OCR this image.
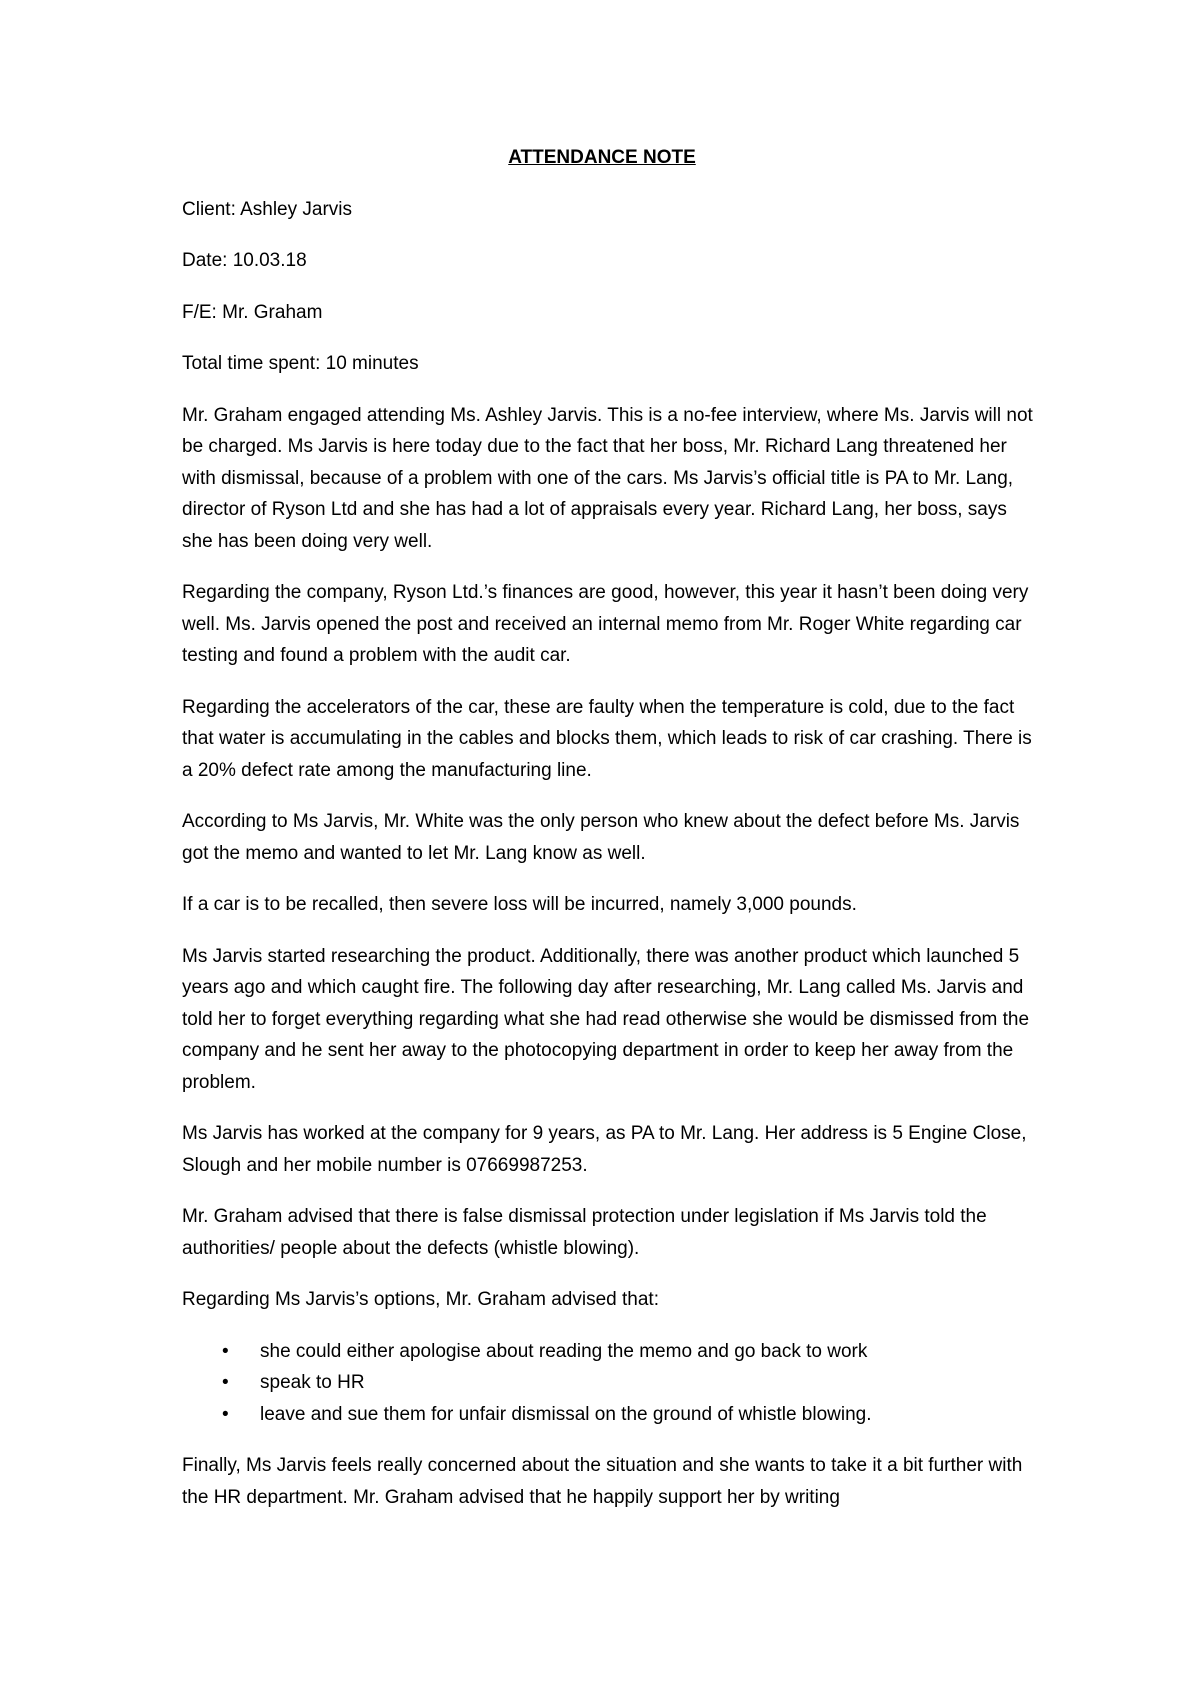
ATTENDANCE NOTE

Client: Ashley Jarvis

Date: 10.03.18

F/E: Mr. Graham

Total time spent: 10 minutes

Mr. Graham engaged attending Ms. Ashley Jarvis. This is a no-fee interview, where Ms. Jarvis will not be charged. Ms Jarvis is here today due to the fact that her boss, Mr. Richard Lang threatened her with dismissal, because of a problem with one of the cars. Ms Jarvis’s official title is PA to Mr. Lang, director of Ryson Ltd and she has had a lot of appraisals every year. Richard Lang, her boss, says she has been doing very well.

Regarding the company, Ryson Ltd.’s finances are good, however, this year it hasn’t been doing very well. Ms. Jarvis opened the post and received an internal memo from Mr. Roger White regarding car testing and found a problem with the audit car.

Regarding the accelerators of the car, these are faulty when the temperature is cold, due to the fact that water is accumulating in the cables and blocks them, which leads to risk of car crashing. There is a 20% defect rate among the manufacturing line.

According to Ms Jarvis, Mr. White was the only person who knew about the defect before Ms. Jarvis got the memo and wanted to let Mr. Lang know as well.

If a car is to be recalled, then severe loss will be incurred, namely 3,000 pounds.

Ms Jarvis started researching the product. Additionally, there was another product which launched 5 years ago and which caught fire. The following day after researching, Mr. Lang called Ms. Jarvis and told her to forget everything regarding what she had read otherwise she would be dismissed from the company and he sent her away to the photocopying department in order to keep her away from the problem.

Ms Jarvis has worked at the company for 9 years, as PA to Mr. Lang. Her address is 5 Engine Close, Slough and her mobile number is 07669987253.

Mr. Graham advised that there is false dismissal protection under legislation if Ms Jarvis told the authorities/ people about the defects (whistle blowing).

Regarding Ms Jarvis’s options, Mr. Graham advised that:

• she could either apologise about reading the memo and go back to work
• speak to HR
• leave and sue them for unfair dismissal on the ground of whistle blowing.

Finally, Ms Jarvis feels really concerned about the situation and she wants to take it a bit further with the HR department. Mr. Graham advised that he happily support her by writing
